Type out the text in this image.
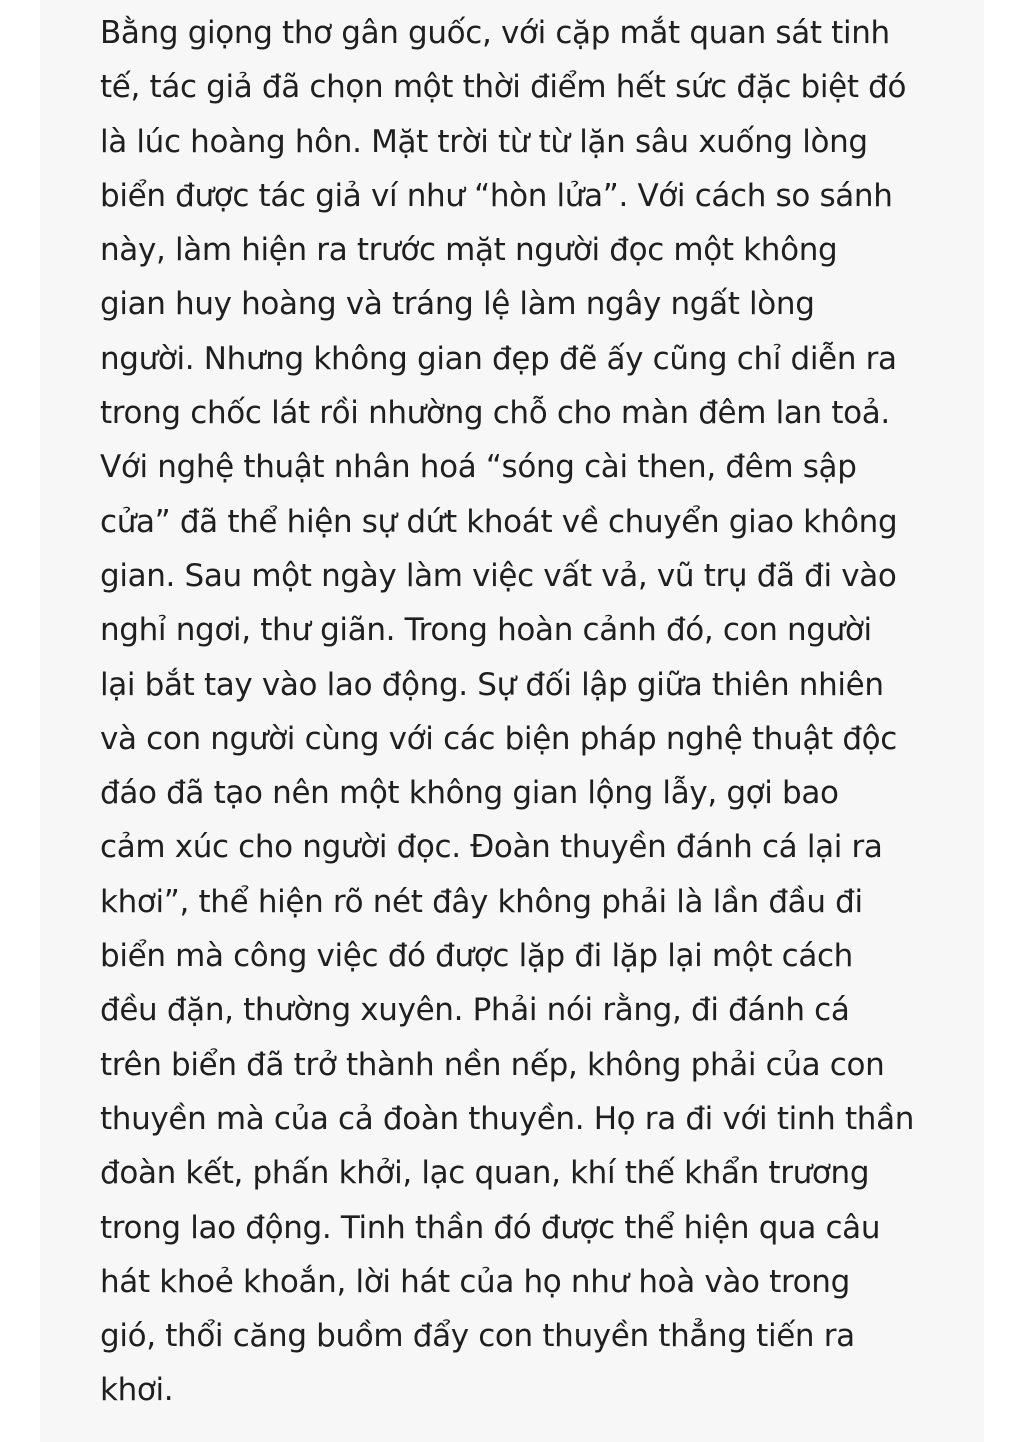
Bằng giọng thơ gân guốc, với cặp mắt quan sát tinh
tế, tác giả đã chọn một thời điểm hết sức đặc biệt đó
là lúc hoàng hôn. Mặt trời từ từ lặn sâu xuống lòng
biển được tác giả ví như “hòn lửa”. Với cách so sánh
này, làm hiện ra trước mặt người đọc một không
gian huy hoàng và tráng lệ làm ngây ngất lòng
người. Nhưng không gian đẹp đẽ ấy cũng chỉ diễn ra
trong chốc lát rồi nhường chỗ cho màn đêm lan toả.
Với nghệ thuật nhân hoá “sóng cài then, đêm sập
cửa” đã thể hiện sự dứt khoát về chuyển giao không
gian. Sau một ngày làm việc vất vả, vũ trụ đã đi vào
nghỉ ngơi, thư giãn. Trong hoàn cảnh đó, con người
lại bắt tay vào lao động. Sự đối lập giữa thiên nhiên
và con người cùng với các biện pháp nghệ thuật độc
đáo đã tạo nên một không gian lộng lẫy, gợi bao
cảm xúc cho người đọc. Đoàn thuyền đánh cá lại ra
khơi”, thể hiện rõ nét đây không phải là lần đầu đi
biển mà công việc đó được lặp đi lặp lại một cách
đều đặn, thường xuyên. Phải nói rằng, đi đánh cá
trên biển đã trở thành nền nếp, không phải của con
thuyền mà của cả đoàn thuyền. Họ ra đi với tinh thần
đoàn kết, phấn khởi, lạc quan, khí thế khẩn trương
trong lao động. Tinh thần đó được thể hiện qua câu
hát khoẻ khoắn, lời hát của họ như hoà vào trong
gió, thổi căng buồm đẩy con thuyền thẳng tiến ra
khơi.
